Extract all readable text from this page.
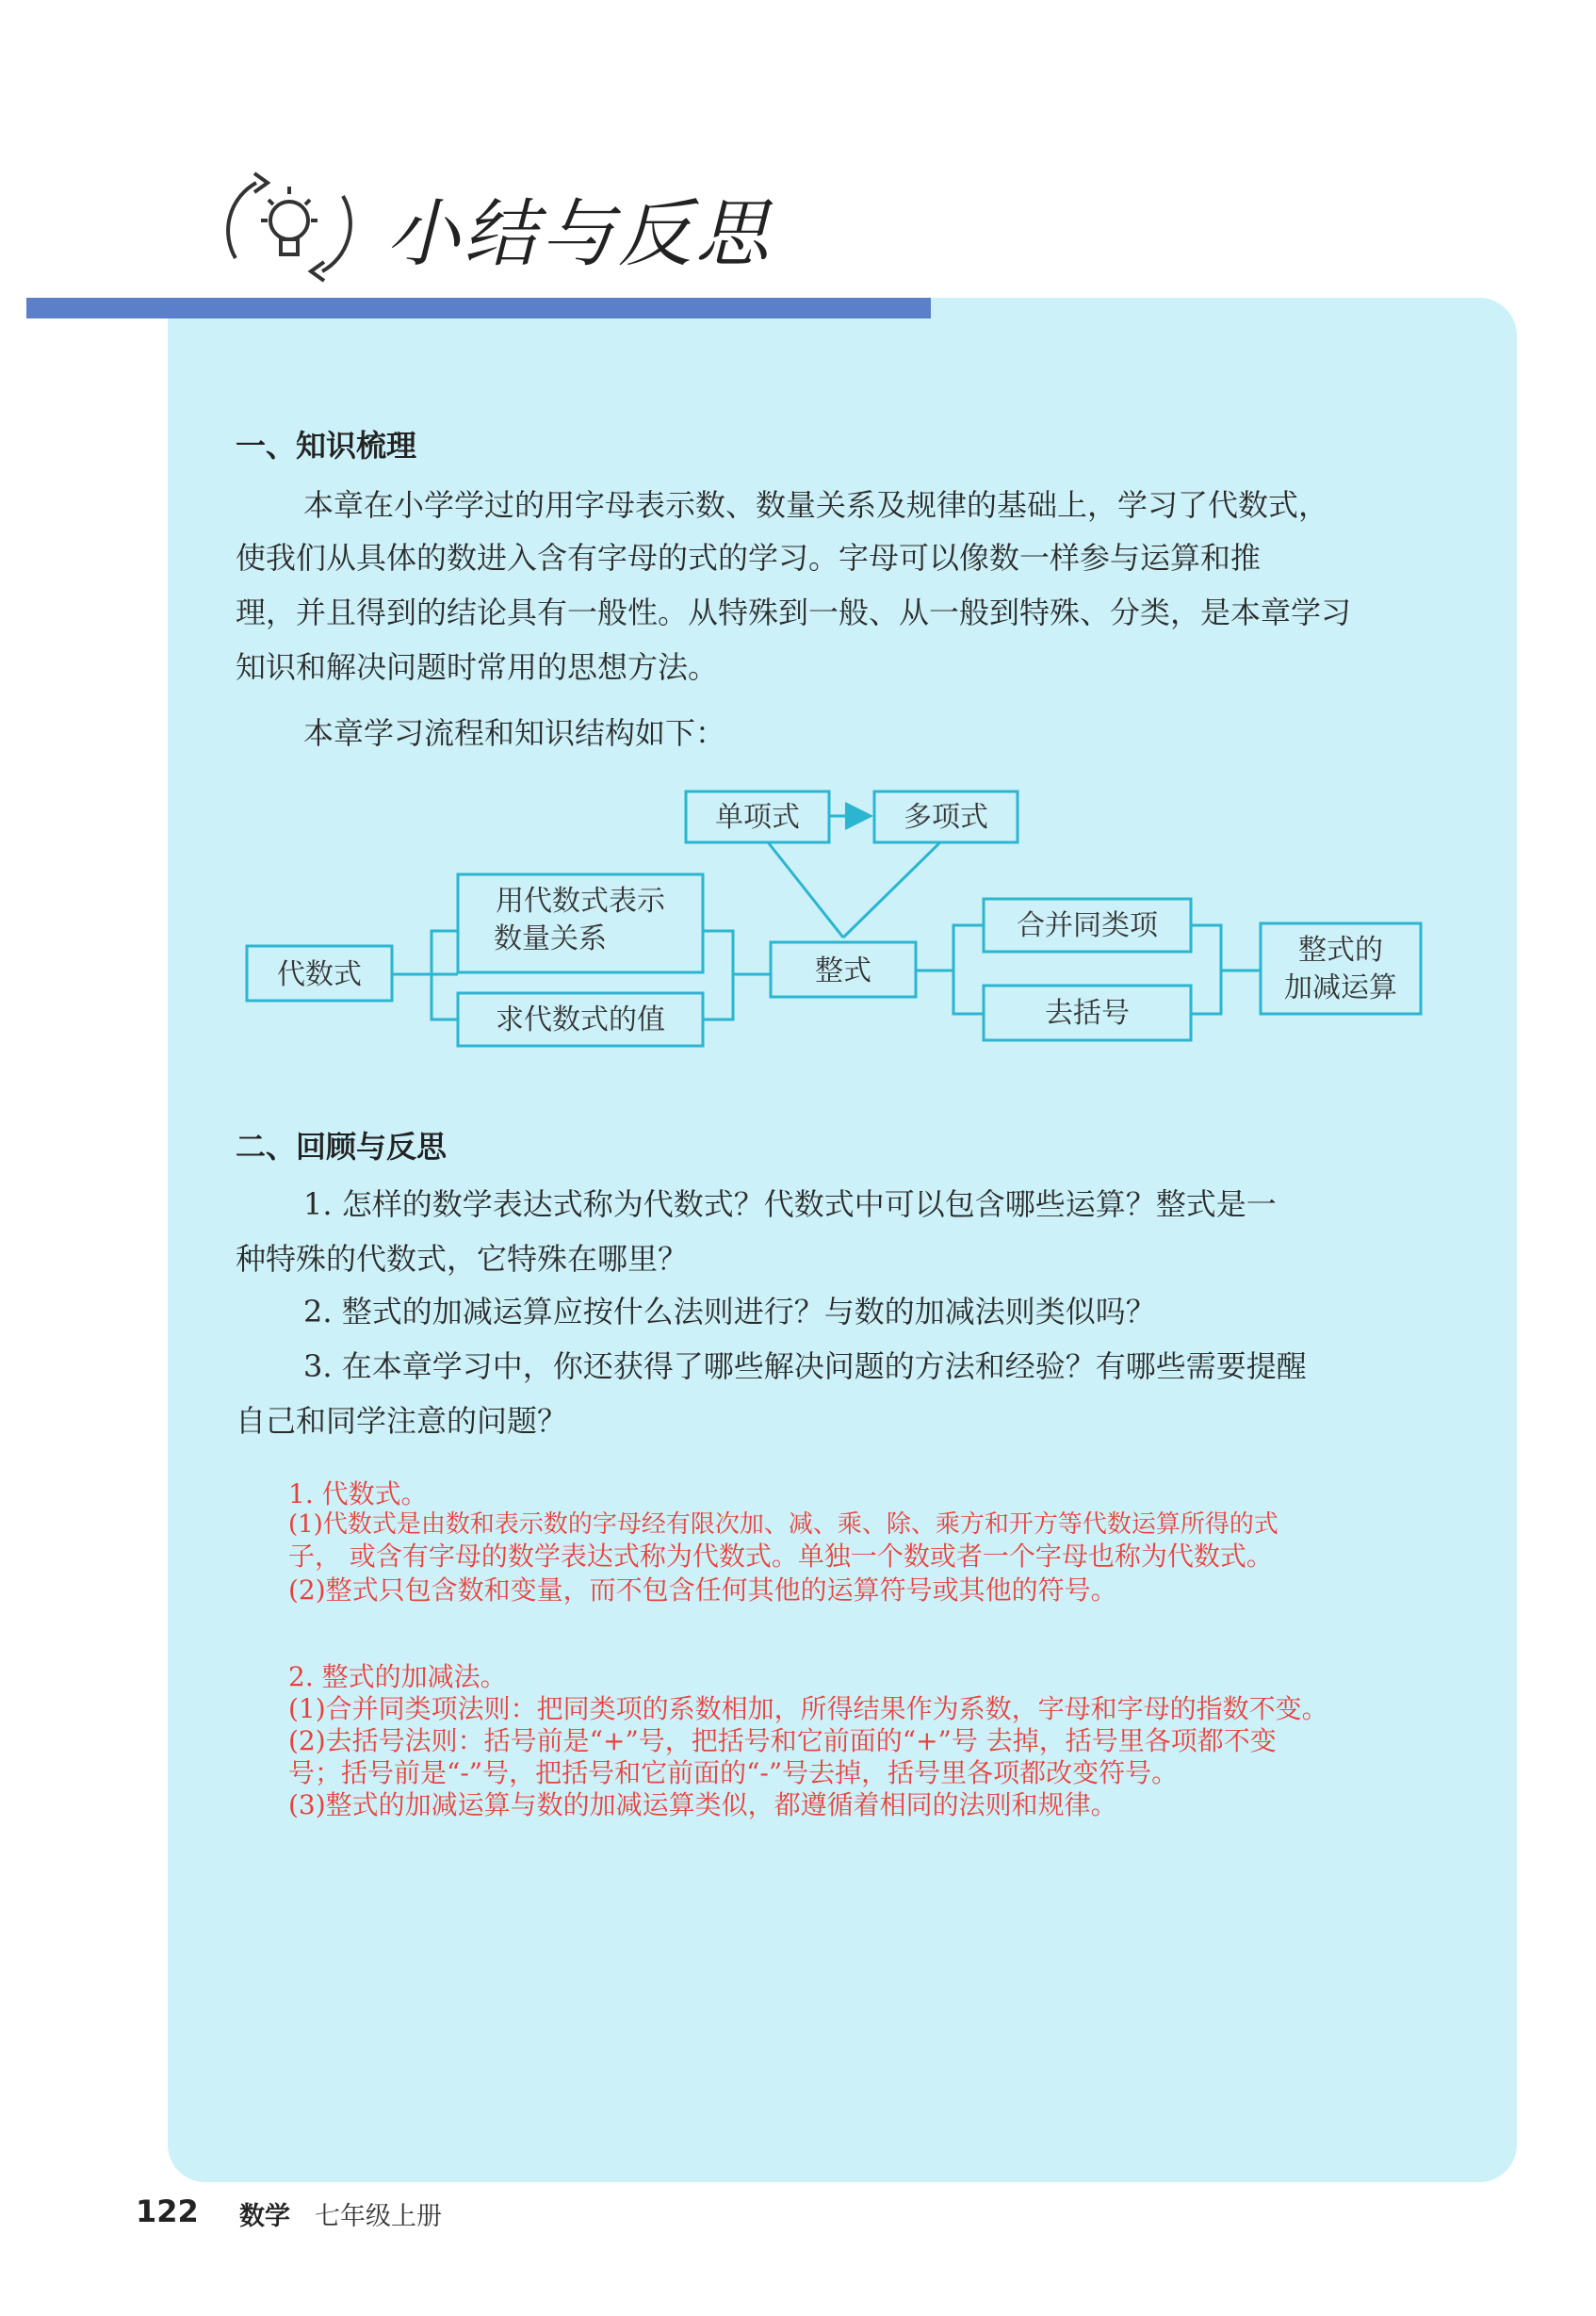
小结与反思
一、知识梳理
本章在小学学过的用字母表示数、数量关系及规律的基础上，学习了代数式，
使我们从具体的数进入含有字母的式的学习。字母可以像数一样参与运算和推
理，并且得到的结论具有一般性。从特殊到一般、从一般到特殊、分类，是本章学习
知识和解决问题时常用的思想方法。
本章学习流程和知识结构如下：
代数式
用代数式表示
数量关系
求代数式的值
单项式	多项式
整式
合并同类项
去括号
整式的
加减运算
二、回顾与反思
1. 怎样的数学表达式称为代数式？代数式中可以包含哪些运算？整式是一
种特殊的代数式，它特殊在哪里？
2. 整式的加减运算应按什么法则进行？与数的加减法则类似吗？
3. 在本章学习中，你还获得了哪些解决问题的方法和经验？有哪些需要提醒
自己和同学注意的问题？
1. 代数式。
(1)代数式是由数和表示数的字母经有限次加、减、乘、除、乘方和开方等代数运算所得的式
子， 或含有字母的数学表达式称为代数式。单独一个数或者一个字母也称为代数式。
(2)整式只包含数和变量，而不包含任何其他的运算符号或其他的符号。
2. 整式的加减法。
(1)合并同类项法则：把同类项的系数相加，所得结果作为系数，字母和字母的指数不变。
(2)去括号法则：括号前是“+”号，把括号和它前面的“+”号 去掉，括号里各项都不变
号；括号前是“-”号，把括号和它前面的“-”号去掉，括号里各项都改变符号。
(3)整式的加减运算与数的加减运算类似，都遵循着相同的法则和规律。
122 数学 七年级上册
